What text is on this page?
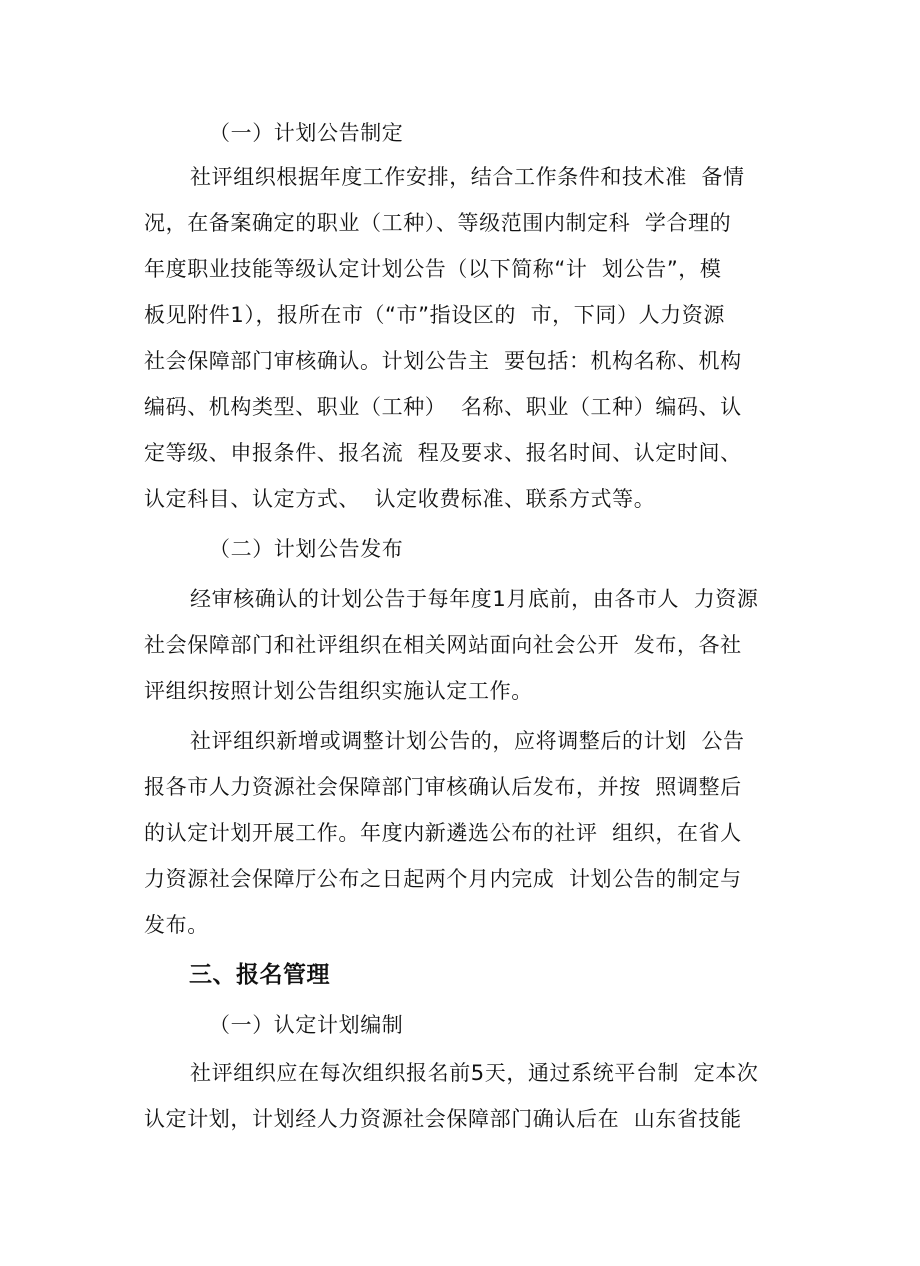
（一）计划公告制定
社评组织根据年度工作安排，结合工作条件和技术准  备情
况，在备案确定的职业（工种）、等级范围内制定科  学合理的
年度职业技能等级认定计划公告（以下简称“计  划公告”，模
板见附件1），报所在市（“市”指设区的  市，下同）人力资源
社会保障部门审核确认。计划公告主  要包括：机构名称、机构
编码、机构类型、职业（工种）  名称、职业（工种）编码、认
定等级、申报条件、报名流  程及要求、报名时间、认定时间、
认定科目、认定方式、  认定收费标准、联系方式等。
（二）计划公告发布
经审核确认的计划公告于每年度1月底前，由各市人  力资源
社会保障部门和社评组织在相关网站面向社会公开  发布，各社
评组织按照计划公告组织实施认定工作。
社评组织新增或调整计划公告的，应将调整后的计划  公告
报各市人力资源社会保障部门审核确认后发布，并按  照调整后
的认定计划开展工作。年度内新遴选公布的社评  组织，在省人
力资源社会保障厅公布之日起两个月内完成  计划公告的制定与
发布。
三、报名管理
（一）认定计划编制
社评组织应在每次组织报名前5天，通过系统平台制  定本次
认定计划，计划经人力资源社会保障部门确认后在  山东省技能
